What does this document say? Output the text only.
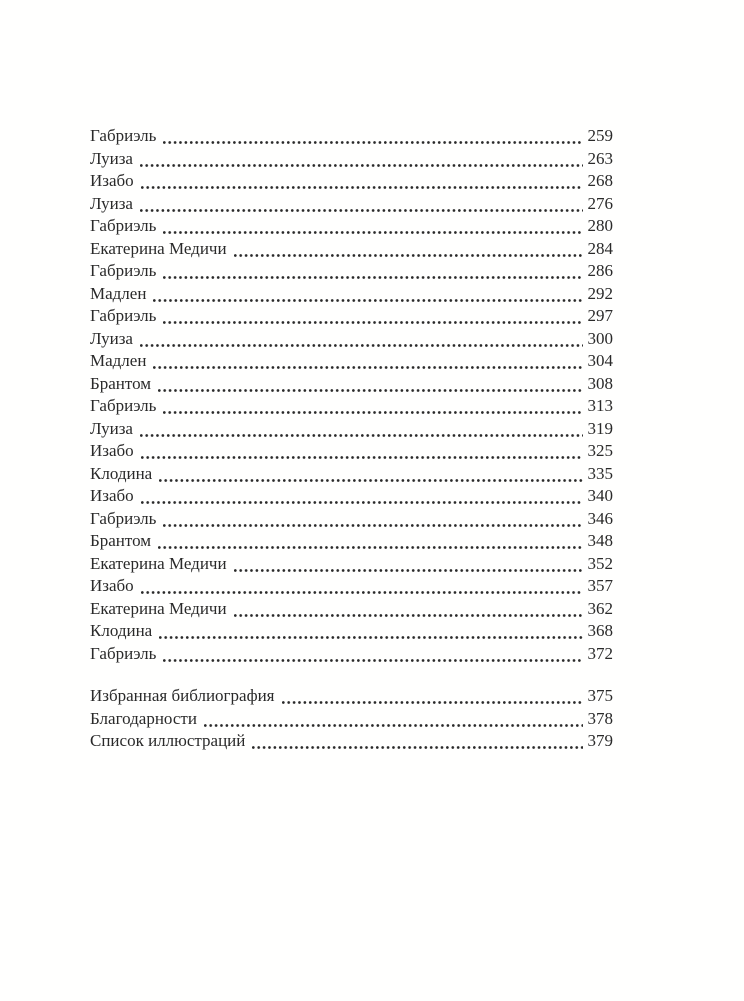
Габриэль	259
Луиза	263
Изабо	268
Луиза	276
Габриэль	280
Екатерина Медичи	284
Габриэль	286
Мадлен	292
Габриэль	297
Луиза	300
Мадлен	304
Брантом	308
Габриэль	313
Луиза	319
Изабо	325
Клодина	335
Изабо	340
Габриэль	346
Брантом	348
Екатерина Медичи	352
Изабо	357
Екатерина Медичи	362
Клодина	368
Габриэль	372
Избранная библиография	375
Благодарности	378
Список иллюстраций	379
